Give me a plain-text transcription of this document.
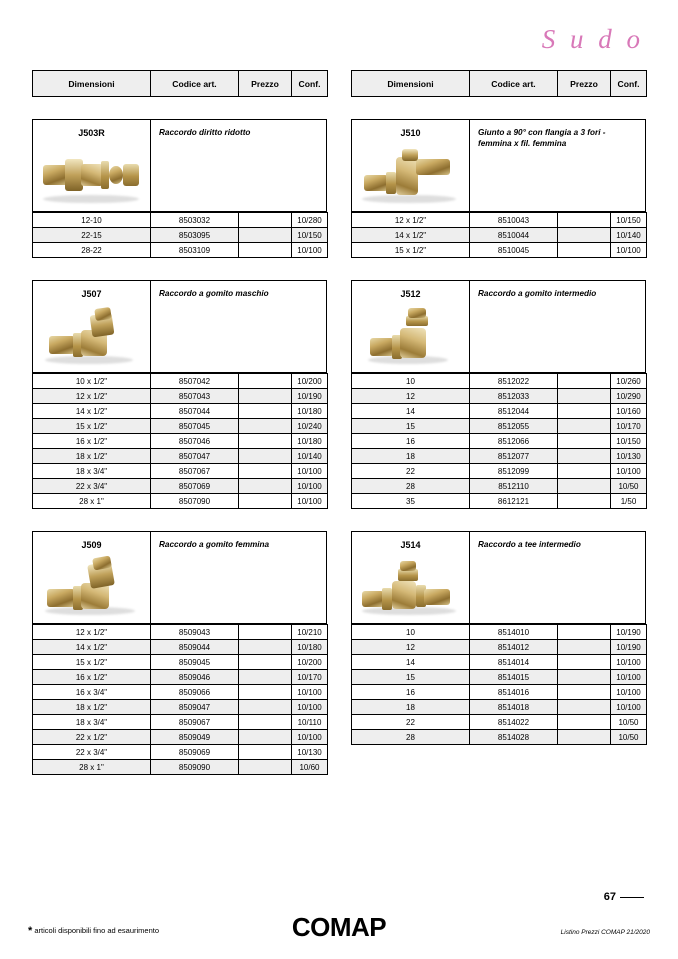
S u d o
Dimensioni	Codice art.	Prezzo	Conf.
J503R	Raccordo diritto ridotto
12-10	8503032		10/280
22-15	8503095		10/150
28-22	8503109		10/100
J507	Raccordo a gomito maschio
10 x 1/2"	8507042		10/200
12 x 1/2"	8507043		10/190
14 x 1/2"	8507044		10/180
15 x 1/2"	8507045		10/240
16 x 1/2"	8507046		10/180
18 x 1/2"	8507047		10/140
18 x 3/4"	8507067		10/100
22 x 3/4"	8507069		10/100
28 x 1"	8507090		10/100
J509	Raccordo a gomito femmina
12 x 1/2"	8509043		10/210
14 x 1/2"	8509044		10/180
15 x 1/2"	8509045		10/200
16 x 1/2"	8509046		10/170
16 x 3/4"	8509066		10/100
18 x 1/2"	8509047		10/100
18 x 3/4"	8509067		10/110
22 x 1/2"	8509049		10/100
22 x 3/4"	8509069		10/130
28 x 1"	8509090		10/60
Dimensioni	Codice art.	Prezzo	Conf.
J510	Giunto a 90° con flangia a 3 fori - femmina x fil. femmina
12 x 1/2"	8510043		10/150
14 x 1/2"	8510044		10/140
15 x 1/2"	8510045		10/100
J512	Raccordo a gomito intermedio
10	8512022		10/260
12	8512033		10/290
14	8512044		10/160
15	8512055		10/170
16	8512066		10/150
18	8512077		10/130
22	8512099		10/100
28	8512110		10/50
35	8612121		1/50
J514	Raccordo a tee intermedio
10	8514010		10/190
12	8514012		10/190
14	8514014		10/100
15	8514015		10/100
16	8514016		10/100
18	8514018		10/100
22	8514022		10/50
28	8514028		10/50
67
* articoli disponibili fino ad esaurimento	COMAP	Listino Prezzi COMAP 21/2020
